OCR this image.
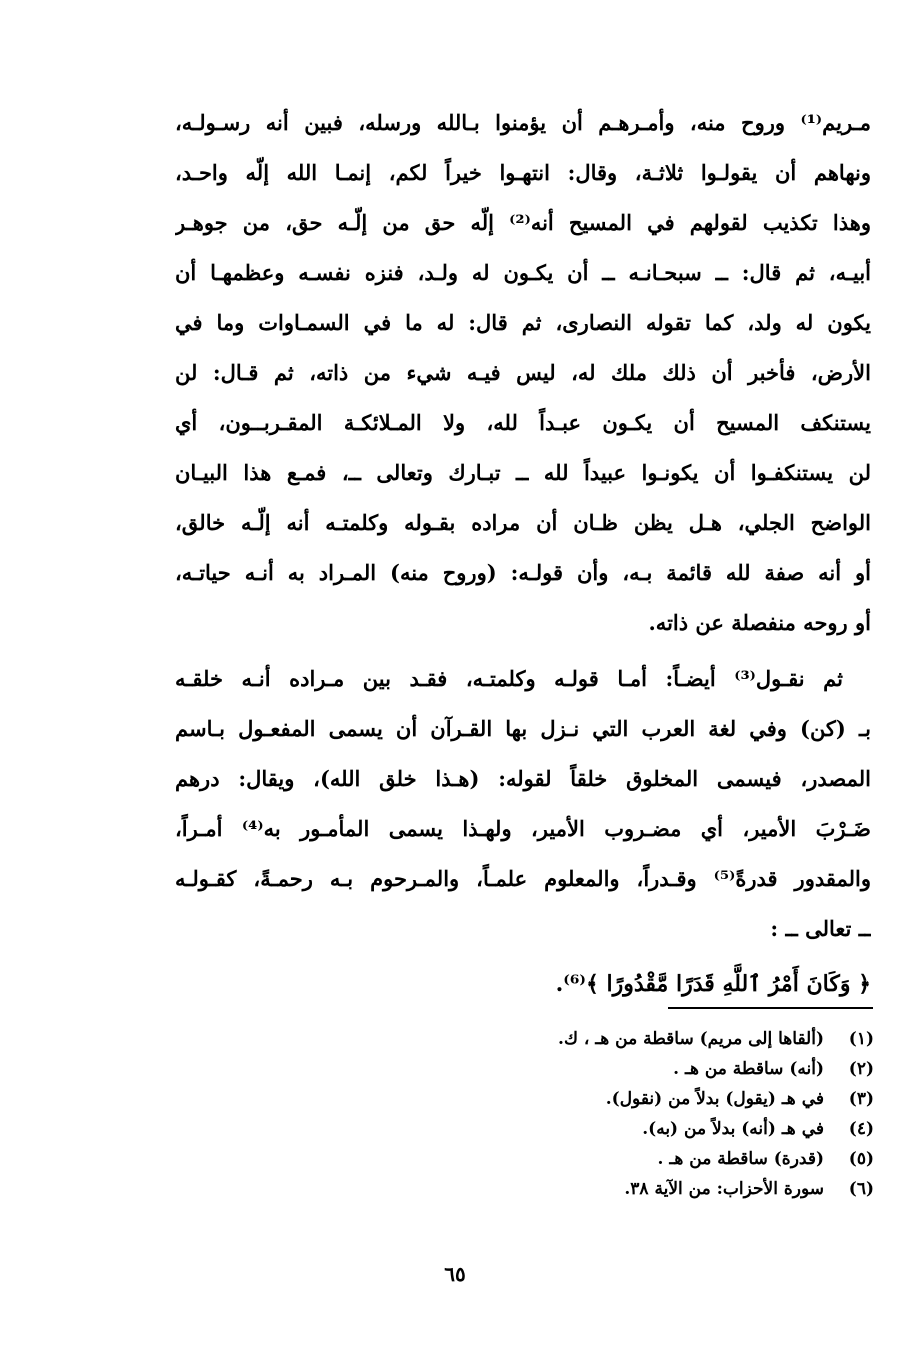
مـريم⁽¹⁾ وروح منه، وأمـرهـم أن يؤمنوا بـالله ورسله، فبين أنه رسـولـه،
ونهاهم أن يقولـوا ثلاثـة، وقال: انتهـوا خيراً لكم، إنمـا الله إلّه واحـد،
وهذا تكذيب لقولهم في المسيح أنه⁽²⁾ إلّه حق من إلّـه حق، من جوهـر
أبيـه، ثم قال: ــ سبحـانـه ــ أن يكـون له ولـد، فنزه نفسـه وعظمهـا أن
يكون له ولد، كما تقوله النصارى، ثم قال: له ما في السمـاوات وما في
الأرض، فأخبر أن ذلك ملك له، ليس فيـه شيء من ذاته، ثم قـال: لن
يستنكف المسيح أن يكـون عبـداً لله، ولا المـلائكـة المقـربــون، أي
لن يستنكفـوا أن يكونـوا عبيداً لله ــ تبـارك وتعالى ــ، فمـع هذا البيـان
الواضح الجلي، هـل يظن ظـان أن مراده بقـوله وكلمتـه أنه إلّـه خالق،
أو أنه صفة لله قائمة بـه، وأن قولـه: (وروح منه) المـراد به أنـه حياتـه،
أو روحه منفصلة عن ذاته.
ثم نقـول⁽³⁾ أيضـاً: أمـا قولـه وكلمتـه، فقـد بين مـراده أنـه خلقـه
بـ (كن) وفي لغة العرب التي نـزل بها القـرآن أن يسمى المفعـول بـاسم
المصدر، فيسمى المخلوق خلقاً لقوله: (هـذا خلق الله)، ويقال: درهم
ضَـرْبَ الأمير، أي مضـروب الأمير، ولهـذا يسمى المأمـور به⁽⁴⁾ أمـراً،
والمقدور قدرةً⁽⁵⁾ وقـدراً، والمعلوم علمـاً، والمـرحوم بـه رحمـةً، كقـولـه
ــ تعالى ــ :
﴿ وَكَانَ أَمْرُ ٱللَّهِ قَدَرًا مَّقْدُورًا ﴾⁽⁶⁾.
(١)(ألقاها إلى مريم) ساقطة من هـ ، ك.
(٢)(أنه) ساقطة من هـ .
(٣)في هـ (يقول) بدلاً من (نقول).
(٤)في هـ (أنه) بدلاً من (به).
(٥)(قدرة) ساقطة من هـ .
(٦)سورة الأحزاب: من الآية ٣٨.
٦٥
